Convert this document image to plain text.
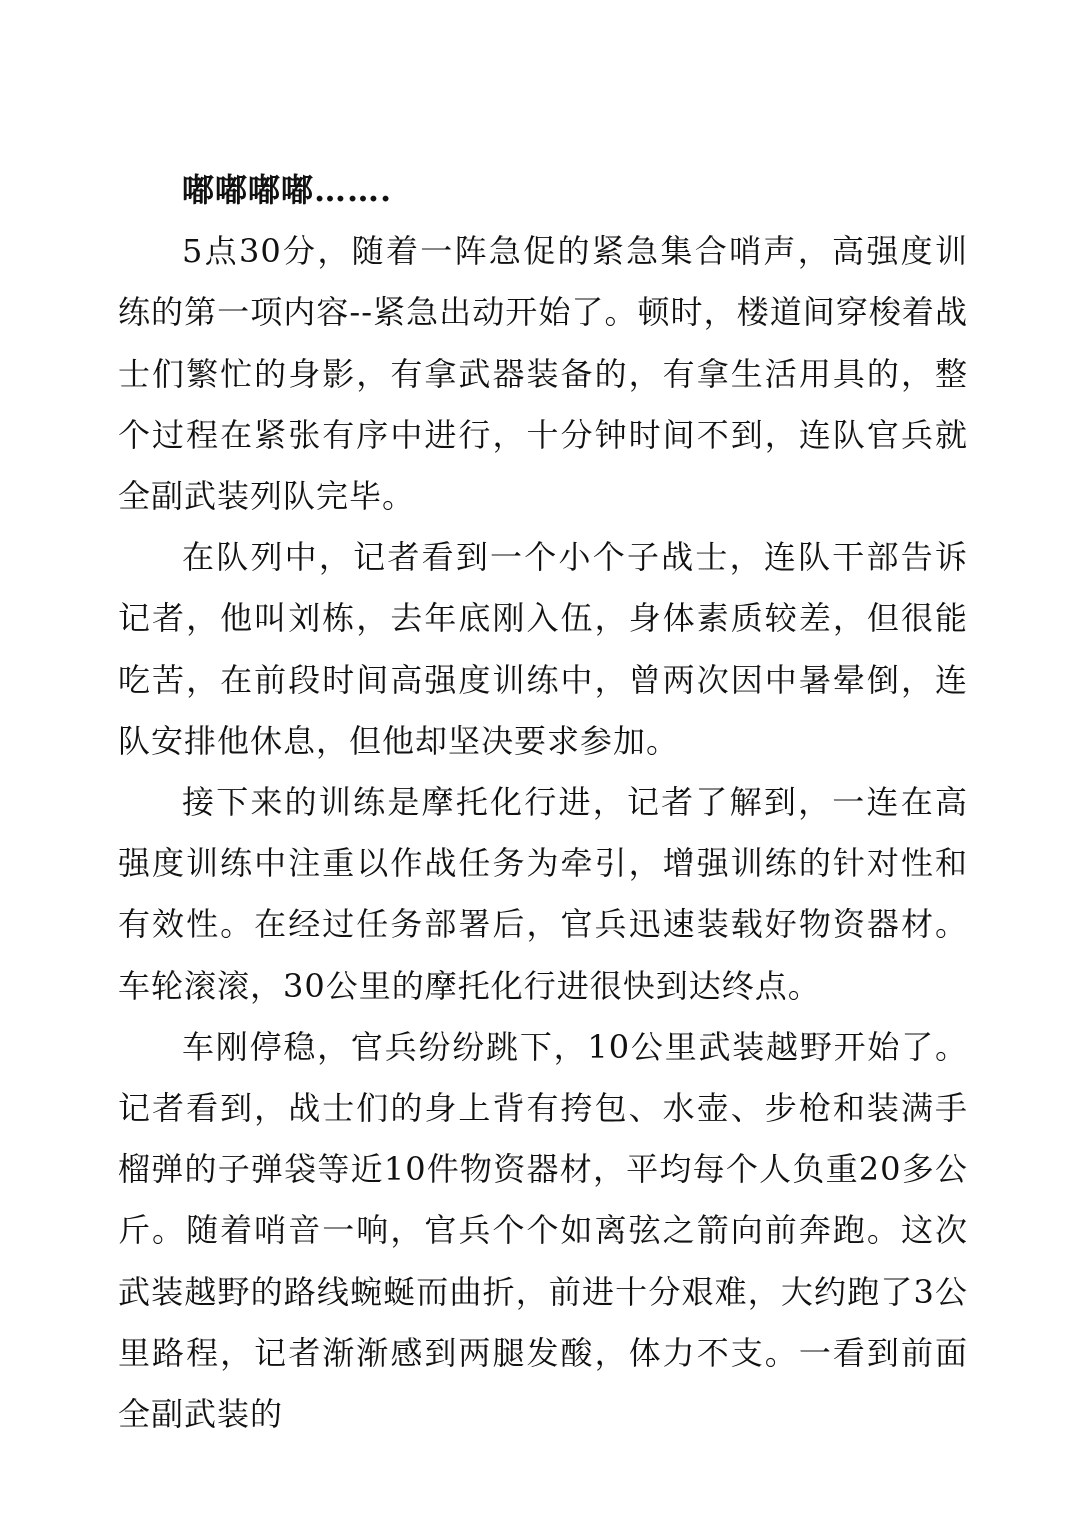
嘟嘟嘟嘟…….

5点30分，随着一阵急促的紧急集合哨声，高强度训练的第一项内容--紧急出动开始了。顿时，楼道间穿梭着战士们繁忙的身影，有拿武器装备的，有拿生活用具的，整个过程在紧张有序中进行，十分钟时间不到，连队官兵就全副武装列队完毕。

在队列中，记者看到一个小个子战士，连队干部告诉记者，他叫刘栋，去年底刚入伍，身体素质较差，但很能吃苦，在前段时间高强度训练中，曾两次因中暑晕倒，连队安排他休息，但他却坚决要求参加。

接下来的训练是摩托化行进，记者了解到，一连在高强度训练中注重以作战任务为牵引，增强训练的针对性和有效性。在经过任务部署后，官兵迅速装载好物资器材。车轮滚滚，30公里的摩托化行进很快到达终点。

车刚停稳，官兵纷纷跳下，10公里武装越野开始了。记者看到，战士们的身上背有挎包、水壶、步枪和装满手榴弹的子弹袋等近10件物资器材，平均每个人负重20多公斤。随着哨音一响，官兵个个如离弦之箭向前奔跑。这次武装越野的路线蜿蜒而曲折，前进十分艰难，大约跑了3公里路程，记者渐渐感到两腿发酸，体力不支。一看到前面全副武装的
